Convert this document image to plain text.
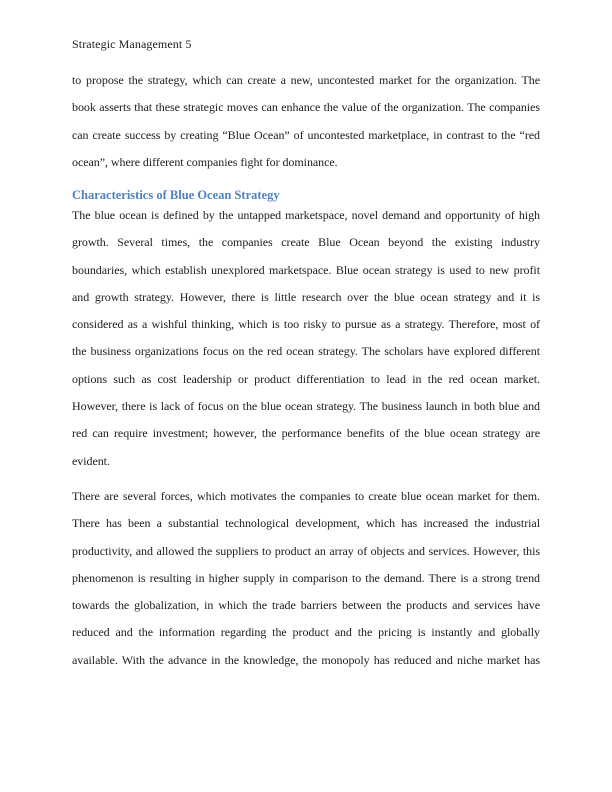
Strategic Management 5
to propose the strategy, which can create a new, uncontested market for the organization. The
book asserts that these strategic moves can enhance the value of the organization. The companies
can create success by creating “Blue Ocean” of uncontested marketplace, in contrast to the “red
ocean”, where different companies fight for dominance.
Characteristics of Blue Ocean Strategy
The blue ocean is defined by the untapped marketspace, novel demand and opportunity of high
growth. Several times, the companies create Blue Ocean beyond the existing industry
boundaries, which establish unexplored marketspace. Blue ocean strategy is used to new profit
and growth strategy. However, there is little research over the blue ocean strategy and it is
considered as a wishful thinking, which is too risky to pursue as a strategy. Therefore, most of
the business organizations focus on the red ocean strategy. The scholars have explored different
options such as cost leadership or product differentiation to lead in the red ocean market.
However, there is lack of focus on the blue ocean strategy. The business launch in both blue and
red can require investment; however, the performance benefits of the blue ocean strategy are
evident.
There are several forces, which motivates the companies to create blue ocean market for them.
There has been a substantial technological development, which has increased the industrial
productivity, and allowed the suppliers to product an array of objects and services. However, this
phenomenon is resulting in higher supply in comparison to the demand. There is a strong trend
towards the globalization, in which the trade barriers between the products and services have
reduced and the information regarding the product and the pricing is instantly and globally
available. With the advance in the knowledge, the monopoly has reduced and niche market has
